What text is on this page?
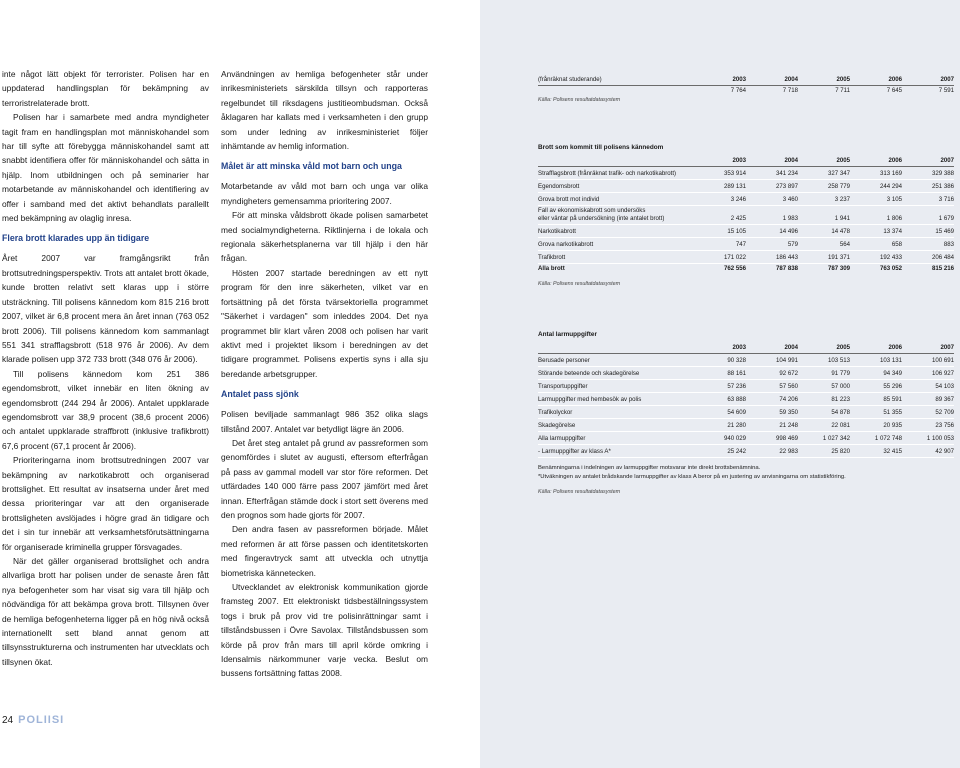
inte något lätt objekt för terrorister. Polisen har en uppdaterad handlingsplan för bekämpning av terroristrelaterade brott.

Polisen har i samarbete med andra myndigheter tagit fram en handlingsplan mot människohandel som har till syfte att förebygga människohandel samt att snabbt identifiera offer för människohandel och sätta in hjälp. Inom utbildningen och på seminarier har motarbetande av människohandel och identifiering av offer i samband med det aktivt behandlats parallellt med bekämpning av olaglig inresa.

Flera brott klarades upp än tidigare

Året 2007 var framgångsrikt från brottsutredningsperspektiv. Trots att antalet brott ökade, kunde brotten relativt sett klaras upp i större utsträckning. Till polisens kännedom kom 815 216 brott 2007, vilket är 6,8 procent mera än året innan (763 052 brott 2006). Till polisens kännedom kom sammanlagt 551 341 strafflagsbrott (518 976 år 2006). Av dem klarade polisen upp 372 733 brott (348 076 år 2006).

Till polisens kännedom kom 251 386 egendomsbrott, vilket innebär en liten ökning av egendomsbrott (244 294 år 2006). Antalet uppklarade egendomsbrott var 38,9 procent (38,6 procent 2006) och antalet uppklarade straffbrott (inklusive trafikbrott) 67,6 procent (67,1 procent år 2006).

Prioriteringarna inom brottsutredningen 2007 var bekämpning av narkotikabrott och organiserad brottslighet. Ett resultat av insatserna under året med dessa prioriteringar var att den organiserade brottsligheten avslöjades i högre grad än tidigare och det i sin tur innebär att verksamhetsförutsättningarna för organiserade kriminella grupper försvagades.

När det gäller organiserad brottslighet och andra allvarliga brott har polisen under de senaste åren fått nya befogenheter som har visat sig vara till hjälp och nödvändiga för att bekämpa grova brott. Tillsynen över de hemliga befogenheterna ligger på en hög nivå också internationellt sett bland annat genom att tillsynsstrukturerna och instrumenten har utvecklats och tillsynen ökat.

Användningen av hemliga befogenheter står under inrikesministeriets särskilda tillsyn och rapporteras regelbundet till riksdagens justitieombudsman. Också åklagaren har kallats med i verksamheten i den grupp som under ledning av inrikesministeriet följer inhämtande av hemlig information.

Målet är att minska våld mot barn och unga

Motarbetande av våld mot barn och unga var olika myndigheters gemensamma prioritering 2007.

För att minska våldsbrott ökade polisen samarbetet med socialmyndigheterna. Riktlinjerna i de lokala och regionala säkerhetsplanerna var till hjälp i den här frågan.

Hösten 2007 startade beredningen av ett nytt program för den inre säkerheten, vilket var en fortsättning på det första tvärsektoriella programmet "Säkerhet i vardagen" som inleddes 2004. Det nya programmet blir klart våren 2008 och polisen har varit aktivt med i projektet liksom i beredningen av det tidigare programmet. Polisens expertis syns i alla sju beredande arbetsgrupper.

Antalet pass sjönk

Polisen beviljade sammanlagt 986 352 olika slags tillstånd 2007. Antalet var betydligt lägre än 2006.

Det året steg antalet på grund av passreformen som genomfördes i slutet av augusti, eftersom efterfrågan på pass av gammal modell var stor före reformen. Det utfärdades 140 000 färre pass 2007 jämfört med året innan. Efterfrågan stämde dock i stort sett överens med den prognos som hade gjorts för 2007.

Den andra fasen av passreformen började. Målet med reformen är att förse passen och identitetskorten med fingeravtryck samt att utveckla och utnyttja biometriska kännetecken.

Utvecklandet av elektronisk kommunikation gjorde framsteg 2007. Ett elektroniskt tidsbeställningssystem togs i bruk på prov vid tre polisinrättningar samt i tillståndsbussen i Övre Savolax. Tillståndsbussen som körde på prov från mars till april körde omkring i Idensalmis närkommuner varje vecka. Beslut om bussens fortsättning fattas 2008.

(frånräknat studerande)	2003	2004	2005	2006	2007
	7 764	7 718	7 711	7 645	7 591
Källa: Polisens resultatdatasystem
Brott som kommit till polisens kännedom
	2003	2004	2005	2006	2007
Strafflagsbrott (frånräknat trafik- och narkotikabrott)	353 914	341 234	327 347	313 169	329 388
Egendomsbrott	289 131	273 897	258 779	244 294	251 386
Grova brott mot individ	3 246	3 460	3 237	3 105	3 716
Fall av ekonomiskabrott som undersöks
eller väntar på undersökning (inte antalet brott)	2 425	1 983	1 941	1 806	1 679
Narkotikabrott	15 105	14 496	14 478	13 374	15 469
Grova narkotikabrott	747	579	564	658	883
Trafikbrott	171 022	186 443	191 371	192 433	206 484
Alla brott	762 556	787 838	787 309	763 052	815 216
Källa: Polisens resultatdatasystem
Antal larmuppgifter
	2003	2004	2005	2006	2007
Berusade personer	90 328	104 991	103 513	103 131	100 691
Störande beteende och skadegörelse	88 161	92 672	91 779	94 349	106 927
Transportuppgifter	57 236	57 560	57 000	55 296	54 103
Larmuppgifter med hembesök av polis	63 888	74 206	81 223	85 591	89 367
Trafikolyckor	54 609	59 350	54 878	51 355	52 709
Skadegörelse	21 280	21 248	22 081	20 935	23 756
Alla larmuppgifter	940 029	998 469	1 027 342	1 072 748	1 100 053
- Larmuppgifter av klass A*	25 242	22 983	25 820	32 415	42 907
Benämningarna i indelningen av larmuppgifter motsvarar inte direkt brottsbenämnina.
*Utväkningen av antalet brådskande larmuppgifter av klass A beror på en justering av anvisningarna om statistikföring.
Källa: Polisens resultatdatasystem
24 POLIISI
